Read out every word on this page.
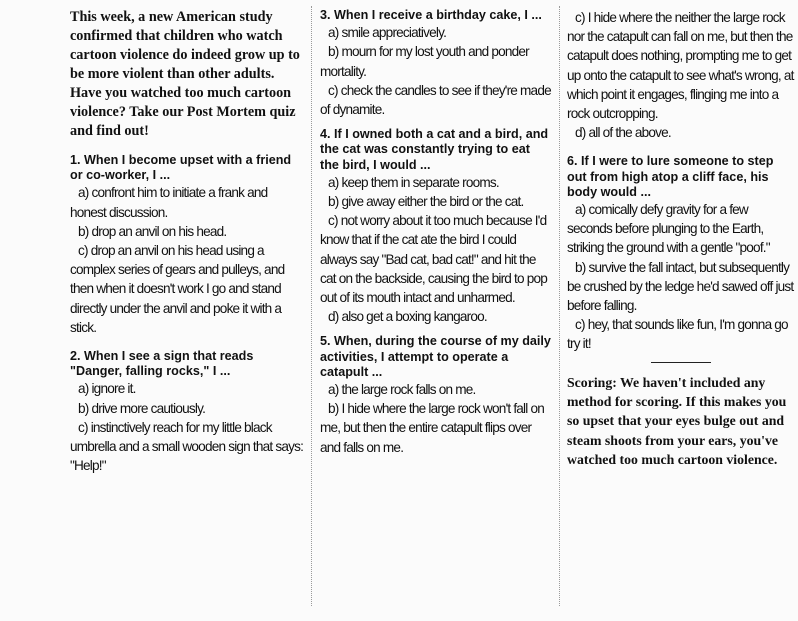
This week, a new American study confirmed that children who watch cartoon violence do indeed grow up to be more violent than other adults. Have you watched too much cartoon violence? Take our Post Mortem quiz and find out!

1. When I become upset with a friend or co-worker, I ...

a) confront him to initiate a frank and honest discussion.

b) drop an anvil on his head.

c) drop an anvil on his head using a complex series of gears and pulleys, and then when it doesn't work I go and stand directly under the anvil and poke it with a stick.

2. When I see a sign that reads "Danger, falling rocks," I ...

a) ignore it.

b) drive more cautiously.

c) instinctively reach for my little black umbrella and a small wooden sign that says: "Help!"

3. When I receive a birthday cake, I ...

a) smile appreciatively.

b) mourn for my lost youth and ponder mortality.

c) check the candles to see if they're made of dynamite.

4. If I owned both a cat and a bird, and the cat was constantly trying to eat the bird, I would ...

a) keep them in separate rooms.

b) give away either the bird or the cat.

c) not worry about it too much because I'd know that if the cat ate the bird I could always say "Bad cat, bad cat!" and hit the cat on the backside, causing the bird to pop out of its mouth intact and unharmed.

d) also get a boxing kangaroo.

5. When, during the course of my daily activities, I attempt to operate a catapult ...

a) the large rock falls on me.

b) I hide where the large rock won't fall on me, but then the entire catapult flips over and falls on me.

c) I hide where the neither the large rock nor the catapult can fall on me, but then the catapult does nothing, prompting me to get up onto the catapult to see what's wrong, at which point it engages, flinging me into a rock outcropping.

d) all of the above.

6. If I were to lure someone to step out from high atop a cliff face, his body would ...

a) comically defy gravity for a few seconds before plunging to the Earth, striking the ground with a gentle "poof."

b) survive the fall intact, but subsequently be crushed by the ledge he'd sawed off just before falling.

c) hey, that sounds like fun, I'm gonna go try it!

Scoring: We haven't included any method for scoring. If this makes you so upset that your eyes bulge out and steam shoots from your ears, you've watched too much cartoon violence.
